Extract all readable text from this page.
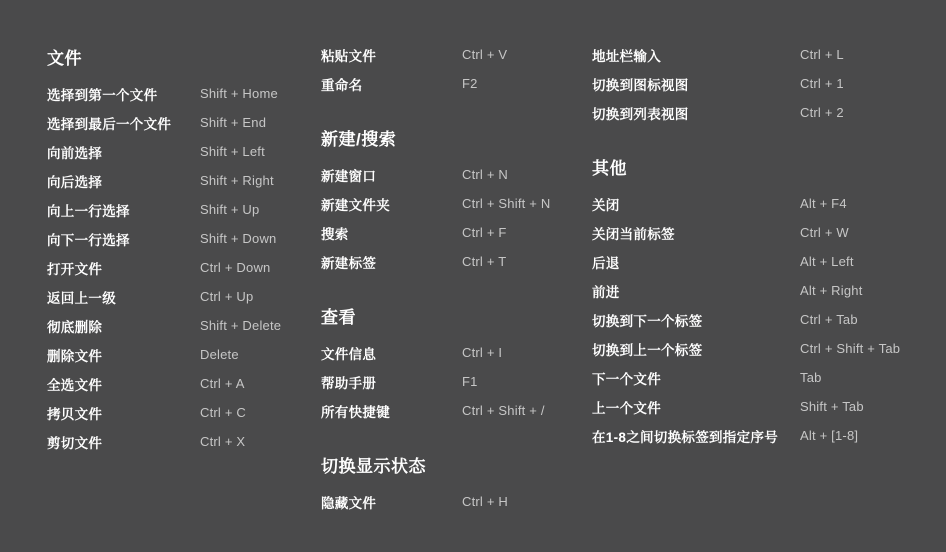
文件
选择到第一个文件	Shift + Home
选择到最后一个文件	Shift + End
向前选择	Shift + Left
向后选择	Shift + Right
向上一行选择	Shift + Up
向下一行选择	Shift + Down
打开文件	Ctrl + Down
返回上一级	Ctrl + Up
彻底删除	Shift + Delete
删除文件	Delete
全选文件	Ctrl + A
拷贝文件	Ctrl + C
剪切文件	Ctrl + X
粘贴文件	Ctrl + V
重命名	F2
新建/搜索
新建窗口	Ctrl + N
新建文件夹	Ctrl + Shift + N
搜索	Ctrl + F
新建标签	Ctrl + T
查看
文件信息	Ctrl + I
帮助手册	F1
所有快捷键	Ctrl + Shift + /
切换显示状态
隐藏文件	Ctrl + H
地址栏输入	Ctrl + L
切换到图标视图	Ctrl + 1
切换到列表视图	Ctrl + 2
其他
关闭	Alt + F4
关闭当前标签	Ctrl + W
后退	Alt + Left
前进	Alt + Right
切换到下一个标签	Ctrl + Tab
切换到上一个标签	Ctrl + Shift + Tab
下一个文件	Tab
上一个文件	Shift + Tab
在1-8之间切换标签到指定序号	Alt + [1-8]
